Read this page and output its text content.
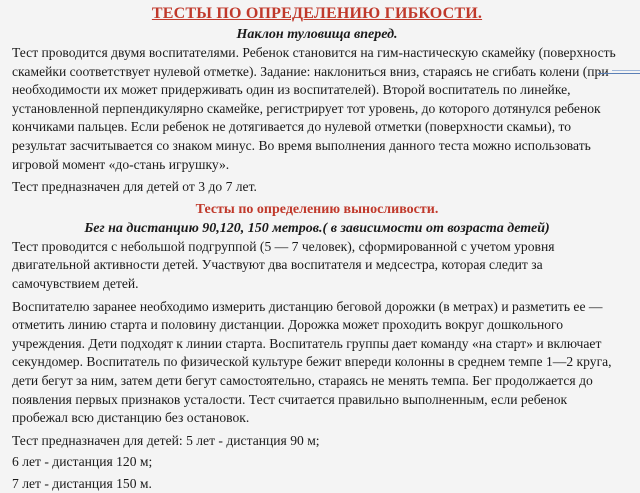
ТЕСТЫ ПО ОПРЕДЕЛЕНИЮ ГИБКОСТИ.
Наклон туловища вперед.

Тест проводится двумя воспитателями. Ребенок становится на гим-настическую скамейку (поверхность скамейки соответствует нулевой отметке). Задание: наклониться вниз, стараясь не сгибать колени (при необходимости их может придерживать один из воспитателей). Второй воспитатель по линейке, установленной перпендикулярно скамейке, регистрирует тот уровень, до которого дотянулся ребенок кончиками пальцев. Если ребенок не дотягивается до нулевой отметки (поверхности скамьи), то результат засчитывается со знаком минус. Во время выполнения данного теста можно использовать игровой момент «до-стань игрушку».

Тест предназначен для детей от 3 до 7 лет.

Тесты по определению выносливости.
Бег на дистанцию 90,120, 150 метров.( в зависимости от возраста детей)

Тест проводится с небольшой подгруппой (5 — 7 человек), сформированной с учетом уровня двигательной активности детей. Участвуют два воспитателя и медсестра, которая следит за самочувствием детей.

Воспитателю заранее необходимо измерить дистанцию беговой дорожки (в метрах) и разметить ее — отметить линию старта и половину дистанции. Дорожка может проходить вокруг дошкольного учреждения. Дети подходят к линии старта. Воспитатель группы дает команду «на старт» и включает секундомер. Воспитатель по физической культуре бежит впереди колонны в среднем темпе 1—2 круга, дети бегут за ним, затем дети бегут самостоятельно, стараясь не менять темпа. Бег продолжается до появления первых признаков усталости. Тест считается правильно выполненным, если ребенок пробежал всю дистанцию без остановок.

Тест предназначен для детей: 5 лет - дистанция 90 м;

6 лет - дистанция 120 м;

7 лет - дистанция 150 м.
